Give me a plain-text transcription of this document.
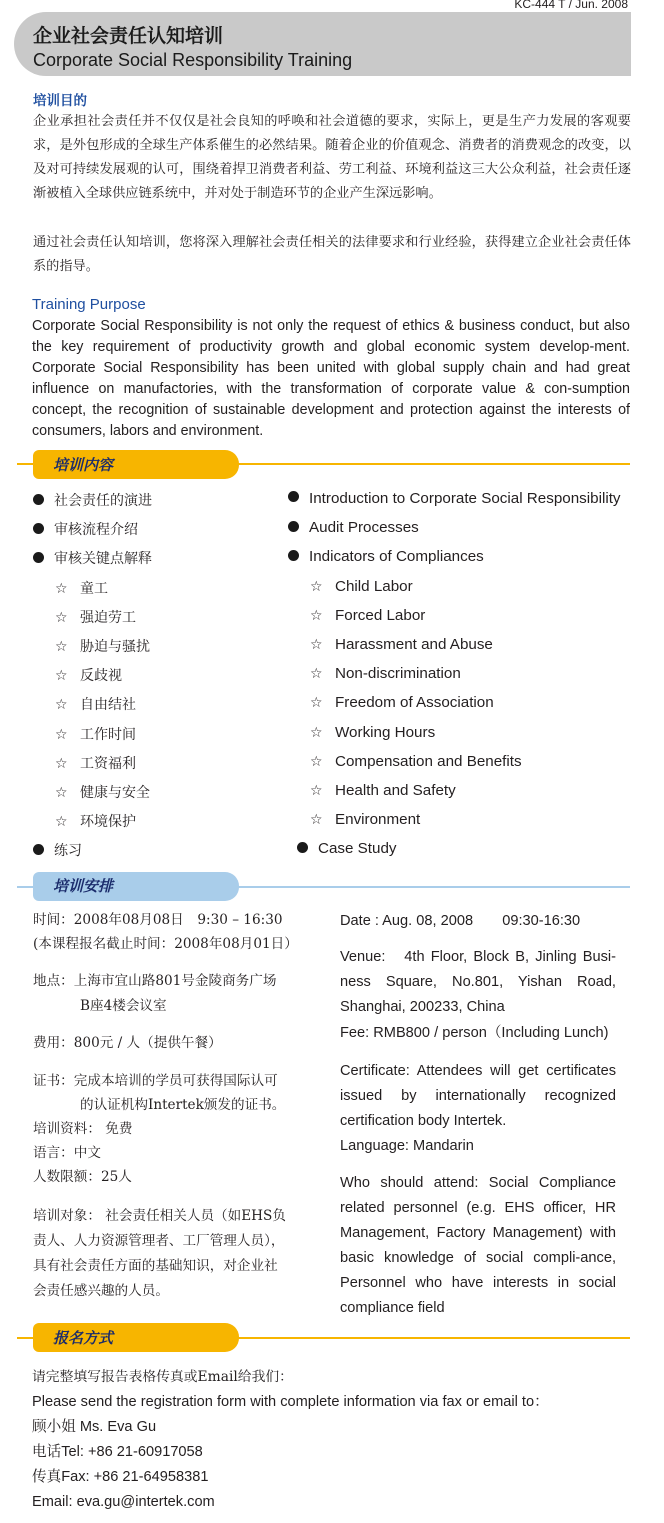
KC-444 T / Jun. 2008
企业社会责任认知培训
Corporate Social Responsibility Training
培训目的
企业承担社会责任并不仅仅是社会良知的呼唤和社会道德的要求，实际上，更是生产力发展的客观要求，是外包形成的全球生产体系催生的必然结果。随着企业的价值观念、消费者的消费观念的改变，以及对可持续发展观的认可，围绕着捍卫消费者利益、劳工利益、环境利益这三大公众利益，社会责任逐渐被植入全球供应链系统中，并对处于制造环节的企业产生深远影响。
通过社会责任认知培训，您将深入理解社会责任相关的法律要求和行业经验，获得建立企业社会责任体系的指导。
Training Purpose
Corporate Social Responsibility is not only the request of ethics & business conduct, but also the key requirement of productivity growth and global economic system develop-ment. Corporate Social Responsibility has been united with global supply chain and had great influence on manufactories, with the transformation of corporate value & con-sumption concept, the recognition of sustainable development and protection against the interests of consumers, labors and environment.
培训内容
社会责任的演进	Introduction to Corporate Social Responsibility
审核流程介绍	Audit Processes
审核关键点解释	Indicators of Compliances
☆ 童工	☆ Child Labor
☆ 强迫劳工	☆ Forced Labor
☆ 胁迫与骚扰	☆ Harassment and Abuse
☆ 反歧视	☆ Non-discrimination
☆ 自由结社	☆ Freedom of Association
☆ 工作时间	☆ Working Hours
☆ 工资福利	☆ Compensation and Benefits
☆ 健康与安全	☆ Health and Safety
☆ 环境保护	☆ Environment
练习	Case Study
培训安排
时间：2008年08月08日　9:30 – 16:30
(本课程报名截止时间：2008年08月01日）
地点：上海市宜山路801号金陵商务广场
B座4楼会议室
费用：800元 / 人（提供午餐）
证书：完成本培训的学员可获得国际认可
的认证机构Intertek颁发的证书。
培训资料： 免费
语言：中文
人数限额：25人
培训对象： 社会责任相关人员（如EHS负
责人、人力资源管理者、工厂管理人员），
具有社会责任方面的基础知识，对企业社
会责任感兴趣的人员。
Date : Aug. 08, 2008　　09:30-16:30
Venue:　4th Floor, Block B, Jinling Busi-ness Square, No.801, Yishan Road, Shanghai, 200233, China
Fee: RMB800 / person（Including Lunch)
Certificate: Attendees will get certificates issued by internationally recognized certification body Intertek.
Language: Mandarin
Who should attend: Social Compliance related personnel (e.g. EHS officer, HR Management, Factory Management) with basic knowledge of social compli-ance, Personnel who have interests in social compliance field
报名方式
请完整填写报告表格传真或Email给我们：
Please send the registration form with complete information via fax or email to：
顾小姐 Ms. Eva Gu
电话Tel: +86 21-60917058
传真Fax: +86 21-64958381
Email: eva.gu@intertek.com
